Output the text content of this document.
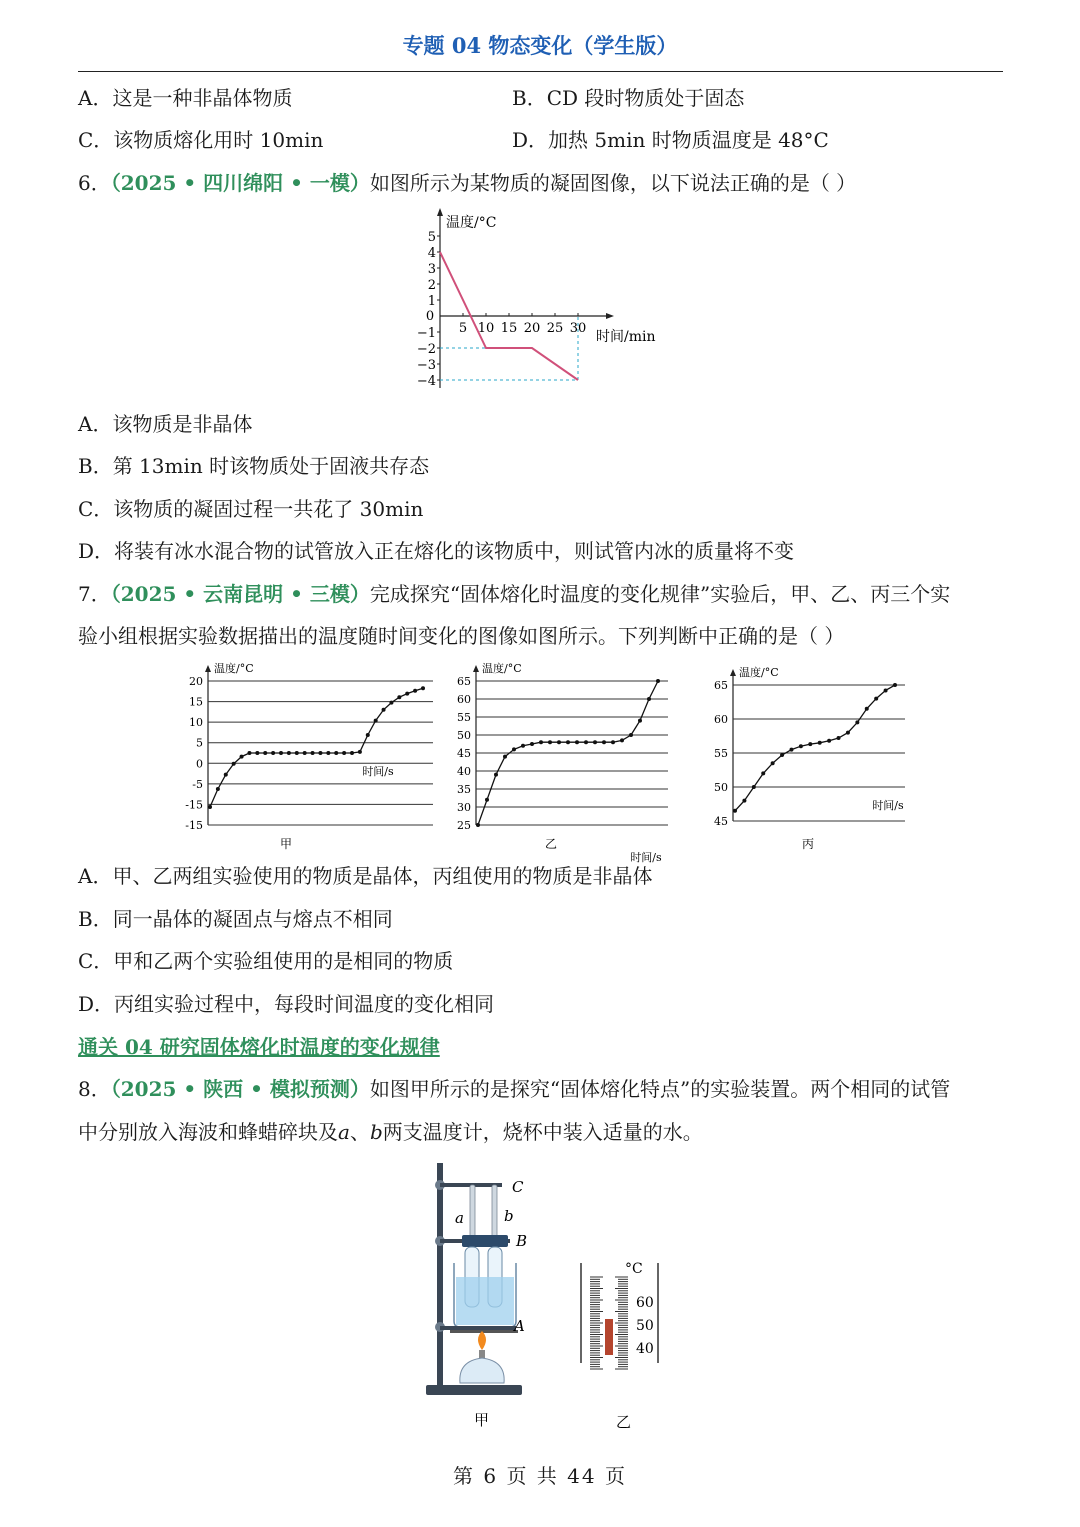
专题 04 物态变化（学生版）
A．这是一种非晶体物质	B．CD 段时物质处于固态
C．该物质熔化用时 10min	D．加热 5min 时物质温度是 48°C
6．（2025 • 四川绵阳 • 一模）如图所示为某物质的凝固图像，以下说法正确的是（ ）
温度/°C
时间/min
0
5
4
3
2
1
−1
−2
−3
−4
5 10 15 20 25 30
A．该物质是非晶体
B．第 13min 时该物质处于固液共存态
C．该物质的凝固过程一共花了 30min
D．将装有冰水混合物的试管放入正在熔化的该物质中，则试管内冰的质量将不变
7．（2025 • 云南昆明 • 三模）完成探究“固体熔化时温度的变化规律”实验后，甲、乙、丙三个实
验小组根据实验数据描出的温度随时间变化的图像如图所示。下列判断中正确的是（ ）
温度/°C
20
15
10
5
0
-5
-15
-15
时间/s
甲
温度/°C
65
60
55
50
45
40
35
30
25
时间/s
乙
温度/°C
65
60
55
50
45
时间/s
丙
A．甲、乙两组实验使用的物质是晶体，丙组使用的物质是非晶体
B．同一晶体的凝固点与熔点不相同
C．甲和乙两个实验组使用的是相同的物质
D．丙组实验过程中，每段时间温度的变化相同
通关 04 研究固体熔化时温度的变化规律
8．（2025 • 陕西 • 模拟预测）如图甲所示的是探究“固体熔化特点”的实验装置。两个相同的试管
中分别放入海波和蜂蜡碎块及a、b两支温度计，烧杯中装入适量的水。
C
a	b
B
A
甲
°C
60
50
40
乙
第 6 页 共 44 页
